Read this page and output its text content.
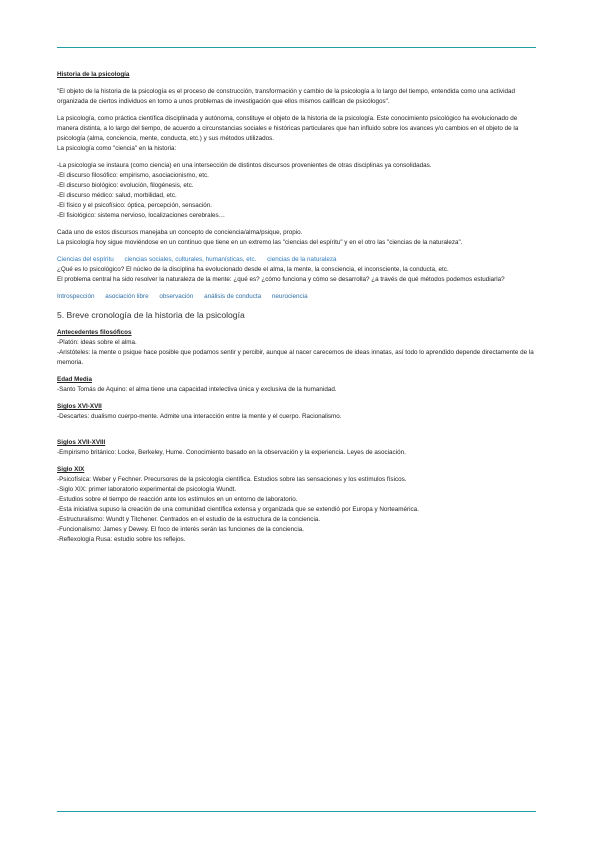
Historia de la psicología

"El objeto de la historia de la psicología es el proceso de construcción, transformación y cambio de la psicología a lo largo del tiempo, entendida como una actividad organizada de ciertos individuos en torno a unos problemas de investigación que ellos mismos califican de psicólogos".

La psicología, como práctica científica disciplinada y autónoma, constituye el objeto de la historia de la psicología. Este conocimiento psicológico ha evolucionado de manera distinta, a lo largo del tiempo, de acuerdo a circunstancias sociales e históricas particulares que han influido sobre los avances y/o cambios en el objeto de la psicología (alma, conciencia, mente, conducta, etc.) y sus métodos utilizados.

La psicología como "ciencia" en la historia:

-La psicología se instaura (como ciencia) en una intersección de distintos discursos provenientes de otras disciplinas ya consolidadas.

-El discurso filosófico: empirismo, asociacionismo, etc.

-El discurso biológico: evolución, filogénesis, etc.

-El discurso médico: salud, morbilidad, etc.

-El físico y el psicofísico: óptica, percepción, sensación.

-El fisiológico: sistema nervioso, localizaciones cerebrales…

Cada uno de estos discursos manejaba un concepto de conciencia/alma/psique, propio.

La psicología hoy sigue moviéndose en un continuo que tiene en un extremo las "ciencias del espíritu" y en el otro las "ciencias de la naturaleza".

Ciencias del espíritu ciencias sociales, culturales, humanísticas, etc. ciencias de la naturaleza

¿Qué es lo psicológico? El núcleo de la disciplina ha evolucionado desde el alma, la mente, la consciencia, el inconsciente, la conducta, etc.

El problema central ha sido resolver la naturaleza de la mente: ¿qué es? ¿cómo funciona y cómo se desarrolla? ¿a través de qué métodos podemos estudiarla?

Introspección asociación libre observación análisis de conducta neurociencia

5. Breve cronología de la historia de la psicología

Antecedentes filosóficos

-Platón: ideas sobre el alma.

-Aristóteles: la mente o psique hace posible que podamos sentir y percibir, aunque al nacer carecemos de ideas innatas, así todo lo aprendido depende directamente de la memoria.

Edad Media

-Santo Tomás de Aquino: el alma tiene una capacidad intelectiva única y exclusiva de la humanidad.

Siglos XVI-XVII

-Descartes: dualismo cuerpo-mente. Admite una interacción entre la mente y el cuerpo. Racionalismo.

Siglos XVII-XVIII

-Empirismo británico: Locke, Berkeley, Hume. Conocimiento basado en la observación y la experiencia. Leyes de asociación.

Siglo XIX

-Psicofísica: Weber y Fechner. Precursores de la psicología científica. Estudios sobre las sensaciones y los estímulos físicos.

-Siglo XIX: primer laboratorio experimental de psicología Wundt.

-Estudios sobre el tiempo de reacción ante los estímulos en un entorno de laboratorio.

-Esta iniciativa supuso la creación de una comunidad científica extensa y organizada que se extendió por Europa y Norteamérica.

-Estructuralismo: Wundt y Titchener. Centrados en el estudio de la estructura de la conciencia.

-Funcionalismo: James y Dewey. El foco de interés serán las funciones de la conciencia.

-Reflexología Rusa: estudio sobre los reflejos.
